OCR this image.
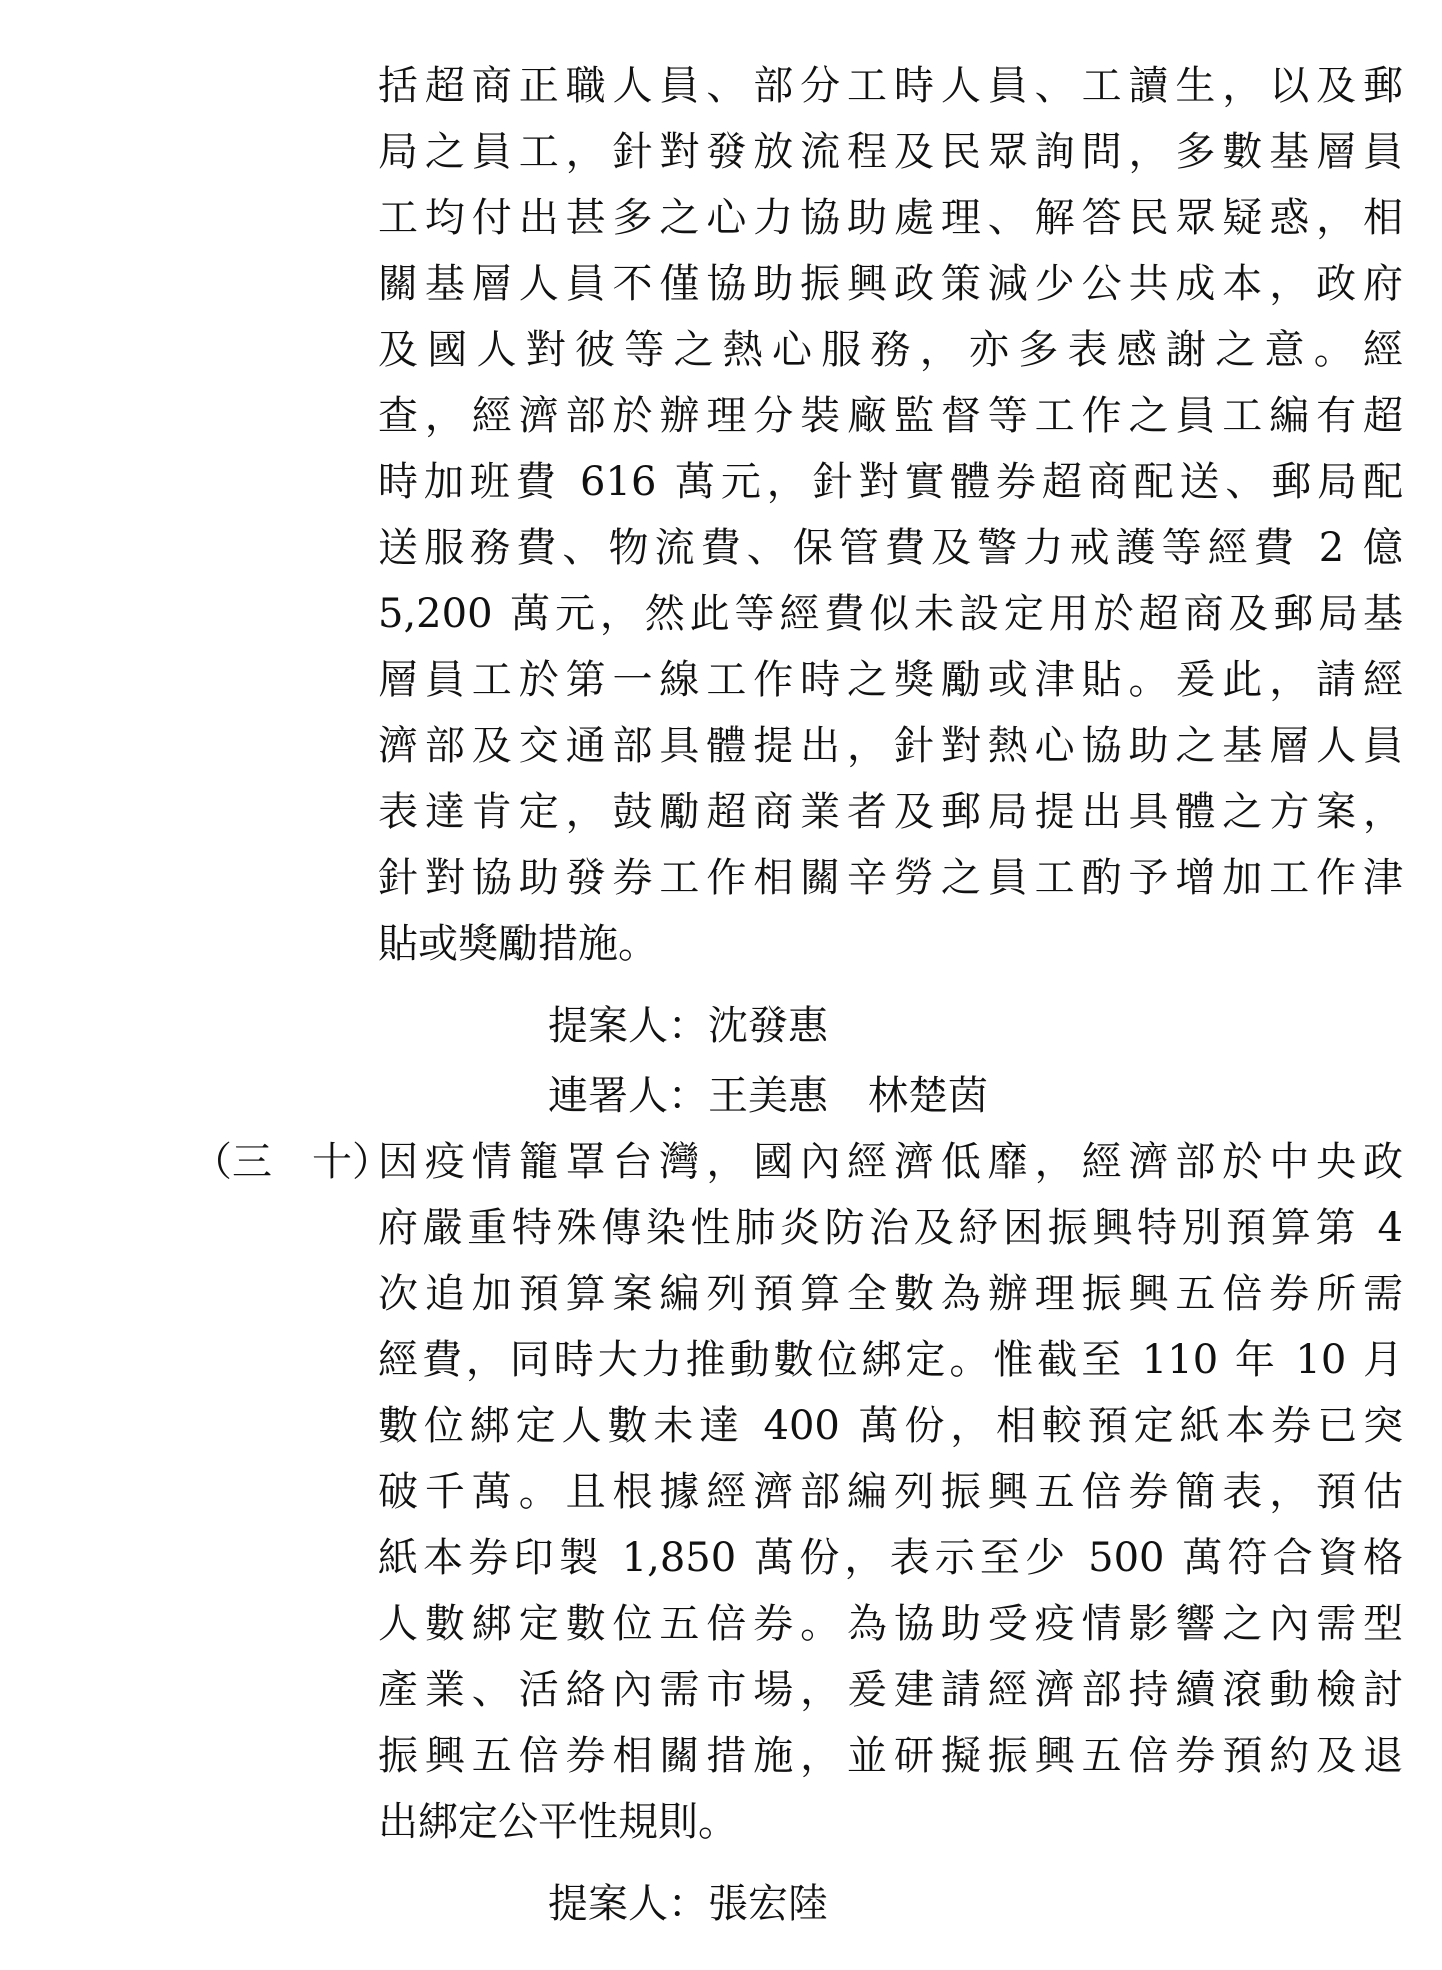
括超商正職人員、部分工時人員、工讀生，以及郵
局之員工，針對發放流程及民眾詢問，多數基層員
工均付出甚多之心力協助處理、解答民眾疑惑，相
關基層人員不僅協助振興政策減少公共成本，政府
及國人對彼等之熱心服務，亦多表感謝之意。經
查，經濟部於辦理分裝廠監督等工作之員工編有超
時加班費 616 萬元，針對實體券超商配送、郵局配
送服務費、物流費、保管費及警力戒護等經費 2 億
5,200 萬元，然此等經費似未設定用於超商及郵局基
層員工於第一線工作時之獎勵或津貼。爰此，請經
濟部及交通部具體提出，針對熱心協助之基層人員
表達肯定，鼓勵超商業者及郵局提出具體之方案，
針對協助發券工作相關辛勞之員工酌予增加工作津
貼或獎勵措施。
提案人：沈發惠
連署人：王美惠　林楚茵
（三　十）
因疫情籠罩台灣，國內經濟低靡，經濟部於中央政
府嚴重特殊傳染性肺炎防治及紓困振興特別預算第 4
次追加預算案編列預算全數為辦理振興五倍券所需
經費，同時大力推動數位綁定。惟截至 110 年 10 月
數位綁定人數未達 400 萬份，相較預定紙本券已突
破千萬。且根據經濟部編列振興五倍券簡表，預估
紙本券印製 1,850 萬份，表示至少 500 萬符合資格
人數綁定數位五倍券。為協助受疫情影響之內需型
產業、活絡內需市場，爰建請經濟部持續滾動檢討
振興五倍券相關措施，並研擬振興五倍券預約及退
出綁定公平性規則。
提案人：張宏陸
